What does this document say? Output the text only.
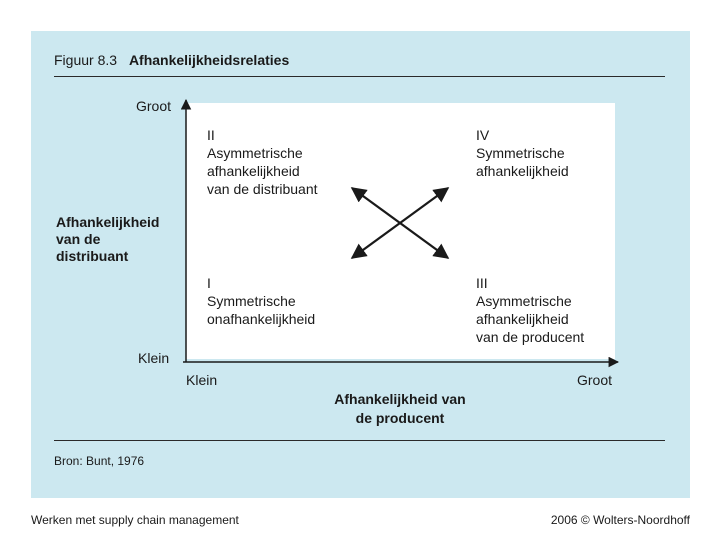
Figuur 8.3 Afhankelijkheidsrelaties
Groot
Klein
Klein	Groot
Afhankelijkheid
van de
distribuant
Afhankelijkheid van
de producent
II
Asymmetrische
afhankelijkheid
van de distribuant
IV
Symmetrische
afhankelijkheid
I
Symmetrische
onafhankelijkheid
III
Asymmetrische
afhankelijkheid
van de producent
Bron: Bunt, 1976
Werken met supply chain management	2006 © Wolters-Noordhoff
